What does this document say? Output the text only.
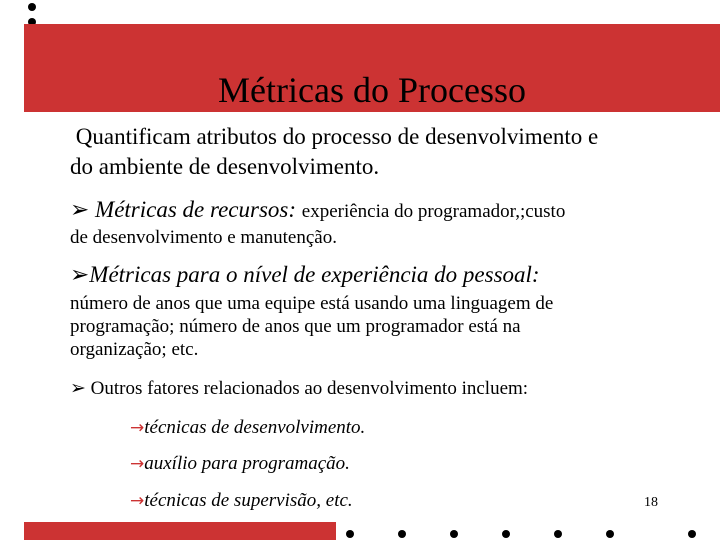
Métricas do Processo
Quantificam atributos do processo de desenvolvimento e
do ambiente de desenvolvimento.
➢ Métricas de recursos: experiência do programador,;custo
de desenvolvimento e manutenção.
➢Métricas para o nível de experiência do pessoal:
número de anos que uma equipe está usando uma linguagem de
programação; número de anos que um programador está na
organização; etc.
➢ Outros fatores relacionados ao desenvolvimento incluem:
→técnicas de desenvolvimento.
→auxílio para programação.
→técnicas de supervisão, etc.	18
